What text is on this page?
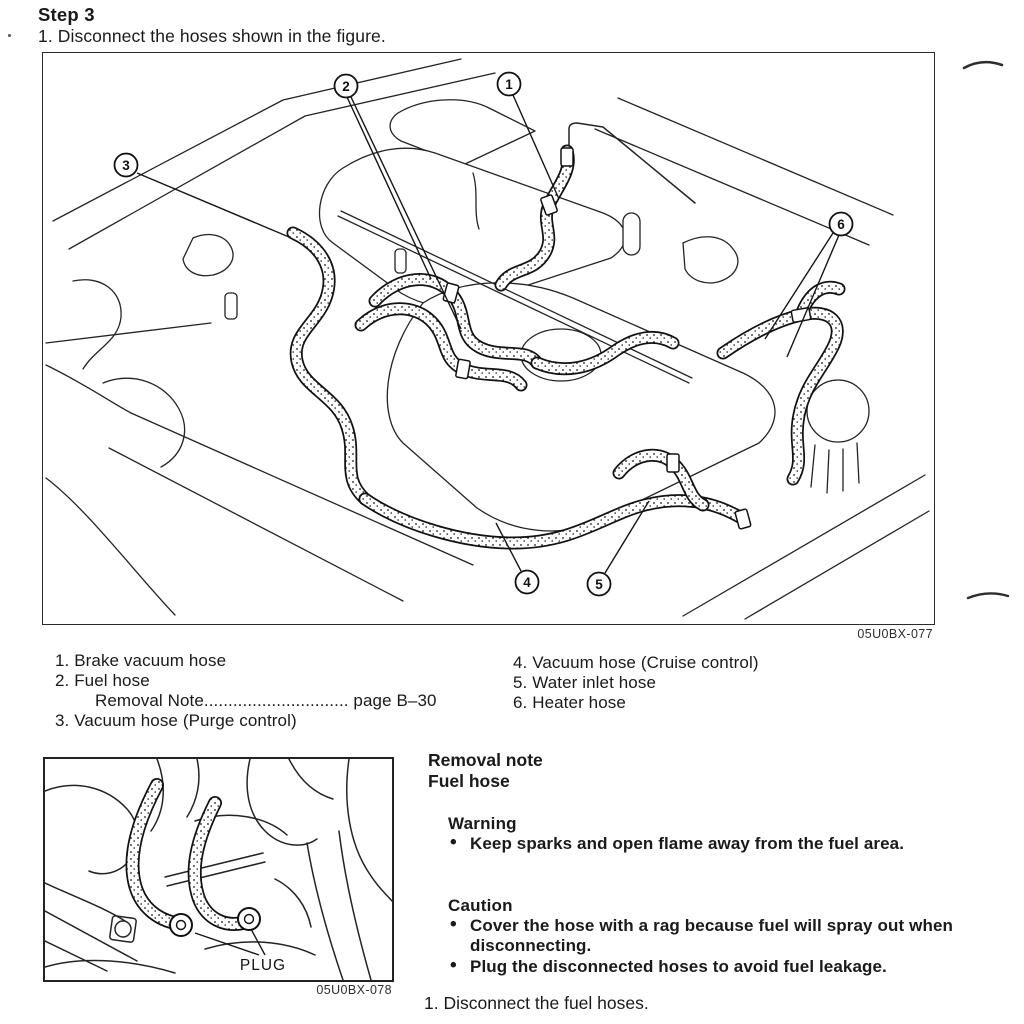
Step 3
1. Disconnect the hoses shown in the figure.
1
2
3
4	5
6
05U0BX-077
1. Brake vacuum hose
2. Fuel hose
Removal Note.............................. page B–30
3. Vacuum hose (Purge control)
4. Vacuum hose (Cruise control)
5. Water inlet hose
6. Heater hose
PLUG
05U0BX-078
Removal note
Fuel hose
Warning
• Keep sparks and open flame away from the fuel area.
Caution
• Cover the hose with a rag because fuel will spray out when disconnecting.
• Plug the disconnected hoses to avoid fuel leakage.
1. Disconnect the fuel hoses.
